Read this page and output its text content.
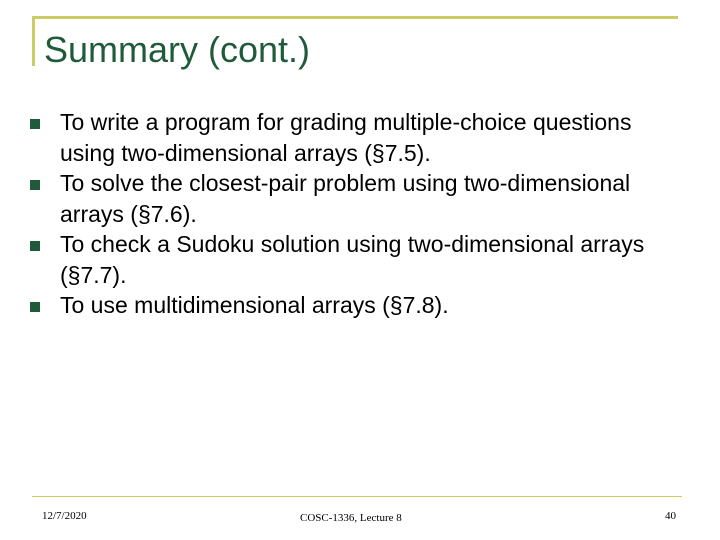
Summary (cont.)
To write a program for grading multiple-choice questions using two-dimensional arrays (§7.5).
To solve the closest-pair problem using two-dimensional arrays (§7.6).
To check a Sudoku solution using two-dimensional arrays (§7.7).
To use multidimensional arrays (§7.8).
12/7/2020	COSC-1336, Lecture 8	40
